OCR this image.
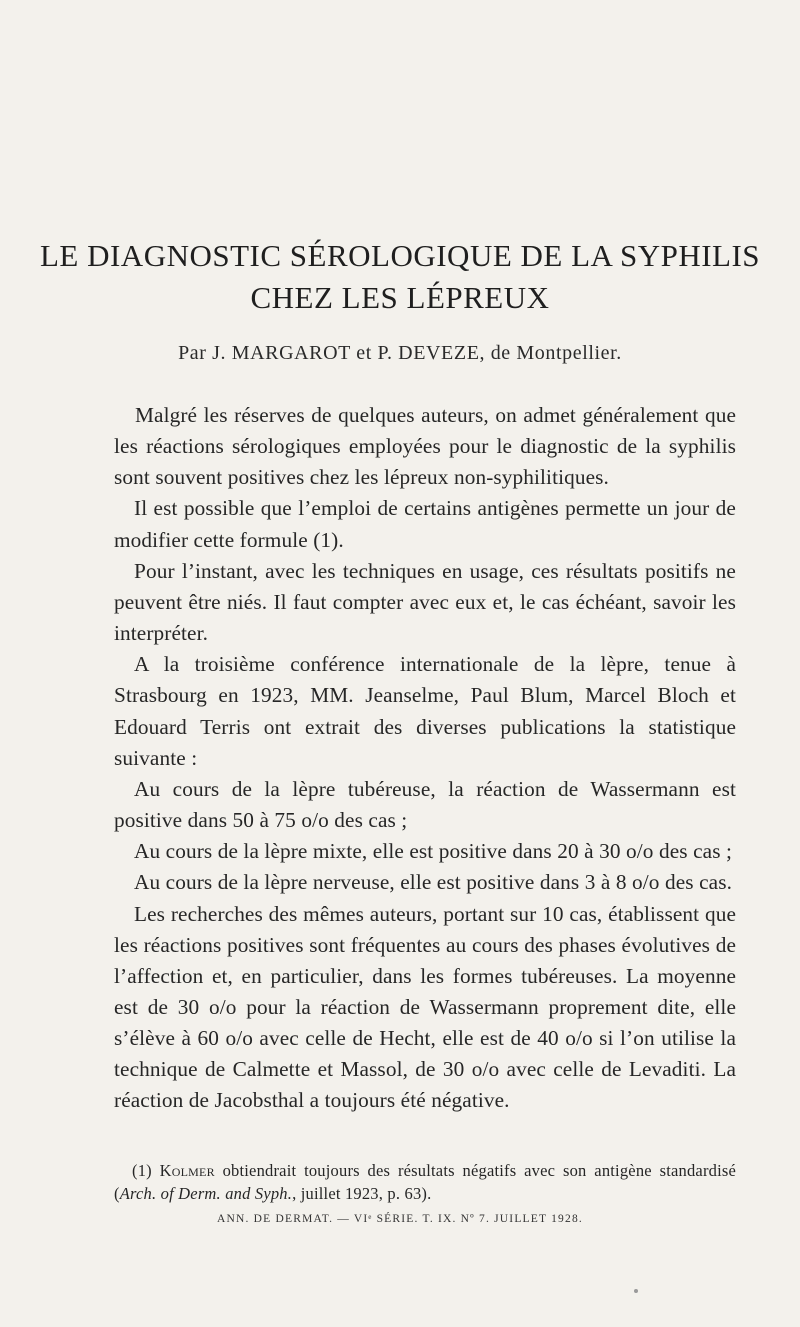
LE DIAGNOSTIC SÉROLOGIQUE DE LA SYPHILIS
CHEZ LES LÉPREUX
Par J. MARGAROT et P. DEVEZE, de Montpellier.

Malgré les réserves de quelques auteurs, on admet généralement que les réactions sérologiques employées pour le diagnostic de la syphilis sont souvent positives chez les lépreux non-syphilitiques.

Il est possible que l’emploi de certains antigènes permette un jour de modifier cette formule (1).

Pour l’instant, avec les techniques en usage, ces résultats positifs ne peuvent être niés. Il faut compter avec eux et, le cas échéant, savoir les interpréter.

A la troisième conférence internationale de la lèpre, tenue à Strasbourg en 1923, MM. Jeanselme, Paul Blum, Marcel Bloch et Edouard Terris ont extrait des diverses publications la statistique suivante :

Au cours de la lèpre tubéreuse, la réaction de Wassermann est positive dans 50 à 75 o/o des cas ;

Au cours de la lèpre mixte, elle est positive dans 20 à 30 o/o des cas ;

Au cours de la lèpre nerveuse, elle est positive dans 3 à 8 o/o des cas.

Les recherches des mêmes auteurs, portant sur 10 cas, établissent que les réactions positives sont fréquentes au cours des phases évolutives de l’affection et, en particulier, dans les formes tubéreuses. La moyenne est de 30 o/o pour la réaction de Wassermann proprement dite, elle s’élève à 60 o/o avec celle de Hecht, elle est de 40 o/o si l’on utilise la technique de Calmette et Massol, de 30 o/o avec celle de Levaditi. La réaction de Jacobsthal a toujours été négative.

(1) Kolmer obtiendrait toujours des résultats négatifs avec son antigène standardisé (Arch. of Derm. and Syph., juillet 1923, p. 63).

ANN. DE DERMAT. — VIᵉ SÉRIE. T. IX. Nº 7. JUILLET 1928.
